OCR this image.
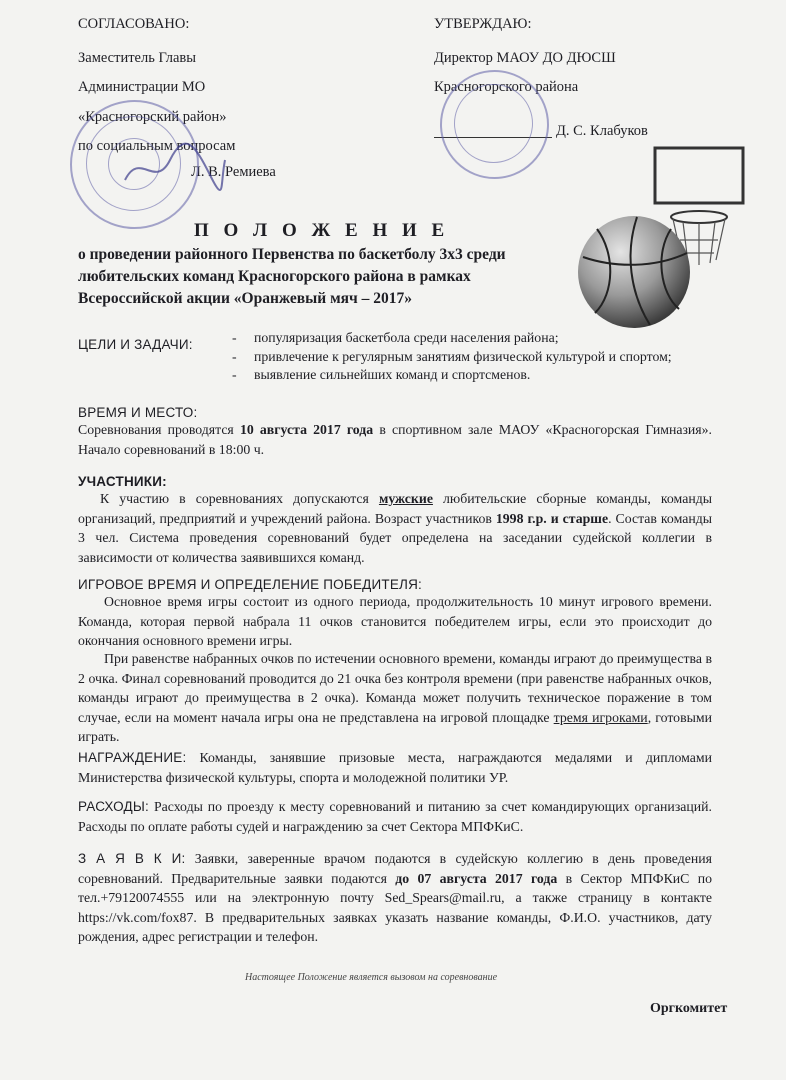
СОГЛАСОВАНО:
Заместитель Главы
Администрации МО
«Красногорский район»
по социальным вопросам
Л. В. Ремиева
УТВЕРЖДАЮ:
Директор МАОУ ДО ДЮСШ
Красногорского района
Д. С. Клабуков
П О Л О Ж Е Н И Е
о проведении районного Первенства по баскетболу 3х3 среди
любительских команд Красногорского района в рамках
Всероссийской акции «Оранжевый мяч – 2017»
ЦЕЛИ И ЗАДАЧИ:	- популяризация баскетбола среди населения района;
- привлечение к регулярным занятиям физической культурой и спортом;
- выявление сильнейших команд и спортсменов.
ВРЕМЯ И МЕСТО:
Соревнования проводятся 10 августа 2017 года в спортивном зале МАОУ «Красногорская Гимназия». Начало соревнований в 18:00 ч.
УЧАСТНИКИ:
К участию в соревнованиях допускаются мужские любительские сборные команды, команды организаций, предприятий и учреждений района. Возраст участников 1998 г.р. и старше. Состав команды 3 чел. Система проведения соревнований будет определена на заседании судейской коллегии в зависимости от количества заявившихся команд.
ИГРОВОЕ ВРЕМЯ И ОПРЕДЕЛЕНИЕ ПОБЕДИТЕЛЯ:
Основное время игры состоит из одного периода, продолжительность 10 минут игрового времени. Команда, которая первой набрала 11 очков становится победителем игры, если это происходит до окончания основного времени игры.
При равенстве набранных очков по истечении основного времени, команды играют до преимущества в 2 очка. Финал соревнований проводится до 21 очка без контроля времени (при равенстве набранных очков, команды играют до преимущества в 2 очка). Команда может получить техническое поражение в том случае, если на момент начала игры она не представлена на игровой площадке тремя игроками, готовыми играть.
НАГРАЖДЕНИЕ: Команды, занявшие призовые места, награждаются медалями и дипломами Министерства физической культуры, спорта и молодежной политики УР.
РАСХОДЫ: Расходы по проезду к месту соревнований и питанию за счет командирующих организаций. Расходы по оплате работы судей и награждению за счет Сектора МПФКиС.
З А Я В К И: Заявки, заверенные врачом подаются в судейскую коллегию в день проведения соревнований. Предварительные заявки подаются до 07 августа 2017 года в Сектор МПФКиС по тел.+79120074555 или на электронную почту Sed_Spears@mail.ru, а также страницу в контакте https://vk.com/fox87. В предварительных заявках указать название команды, Ф.И.О. участников, дату рождения, адрес регистрации и телефон.
Настоящее Положение является вызовом на соревнование
Оргкомитет
